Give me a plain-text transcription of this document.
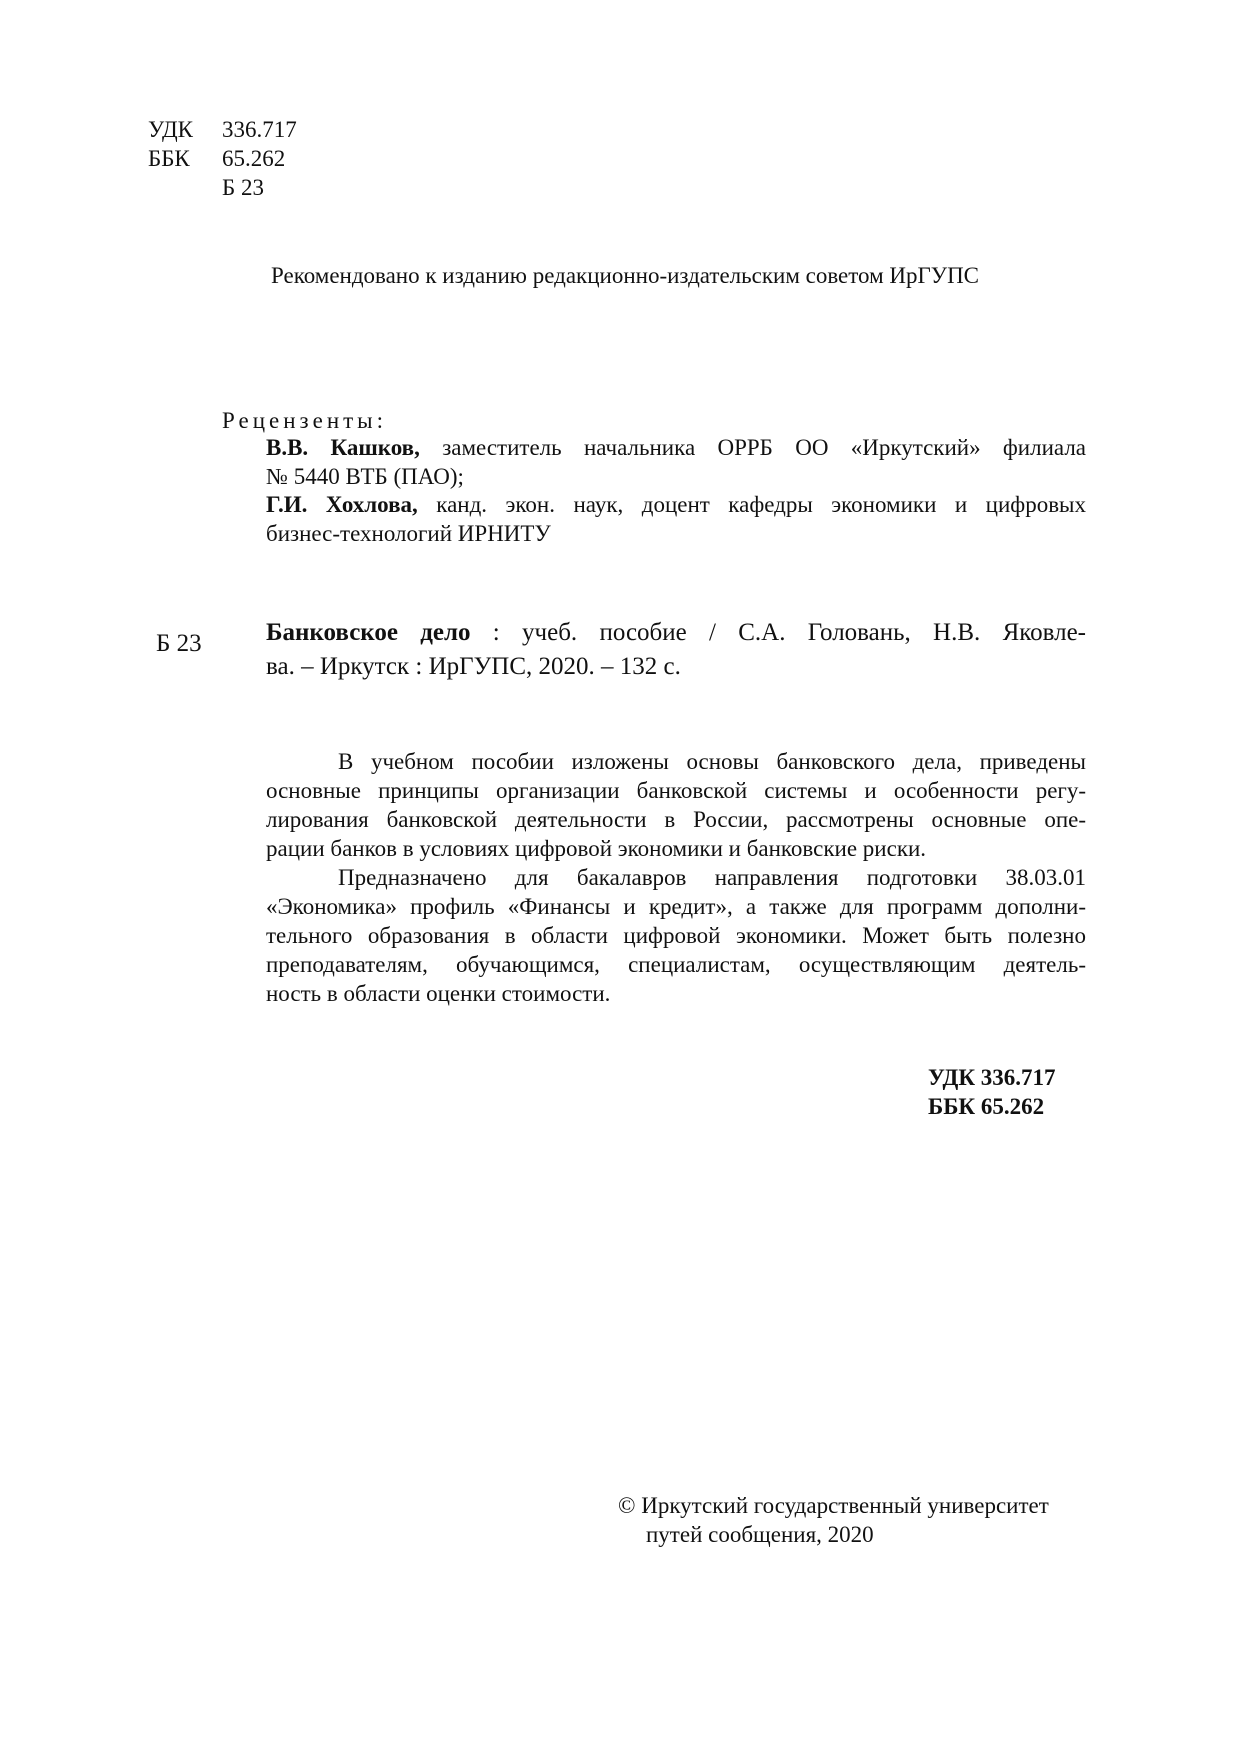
УДК 336.717
ББК 65.262
Б 23
Рекомендовано к изданию редакционно-издательским советом ИрГУПС
Рецензенты:
В.В. Кашков, заместитель начальника ОРРБ ОО «Иркутский» филиала
№ 5440 ВТБ (ПАО);
Г.И. Хохлова, канд. экон. наук, доцент кафедры экономики и цифровых
бизнес-технологий ИРНИТУ
Б 23	Банковское дело : учеб. пособие / С.А. Головань, Н.В. Яковле-
ва. – Иркутск : ИрГУПС, 2020. – 132 с.
В учебном пособии изложены основы банковского дела, приведены
основные принципы организации банковской системы и особенности регу-
лирования банковской деятельности в России, рассмотрены основные опе-
рации банков в условиях цифровой экономики и банковские риски.
Предназначено для бакалавров направления подготовки 38.03.01
«Экономика» профиль «Финансы и кредит», а также для программ дополни-
тельного образования в области цифровой экономики. Может быть полезно
преподавателям, обучающимся, специалистам, осуществляющим деятель-
ность в области оценки стоимости.
УДК 336.717
ББК 65.262
© Иркутский государственный университет
путей сообщения, 2020
